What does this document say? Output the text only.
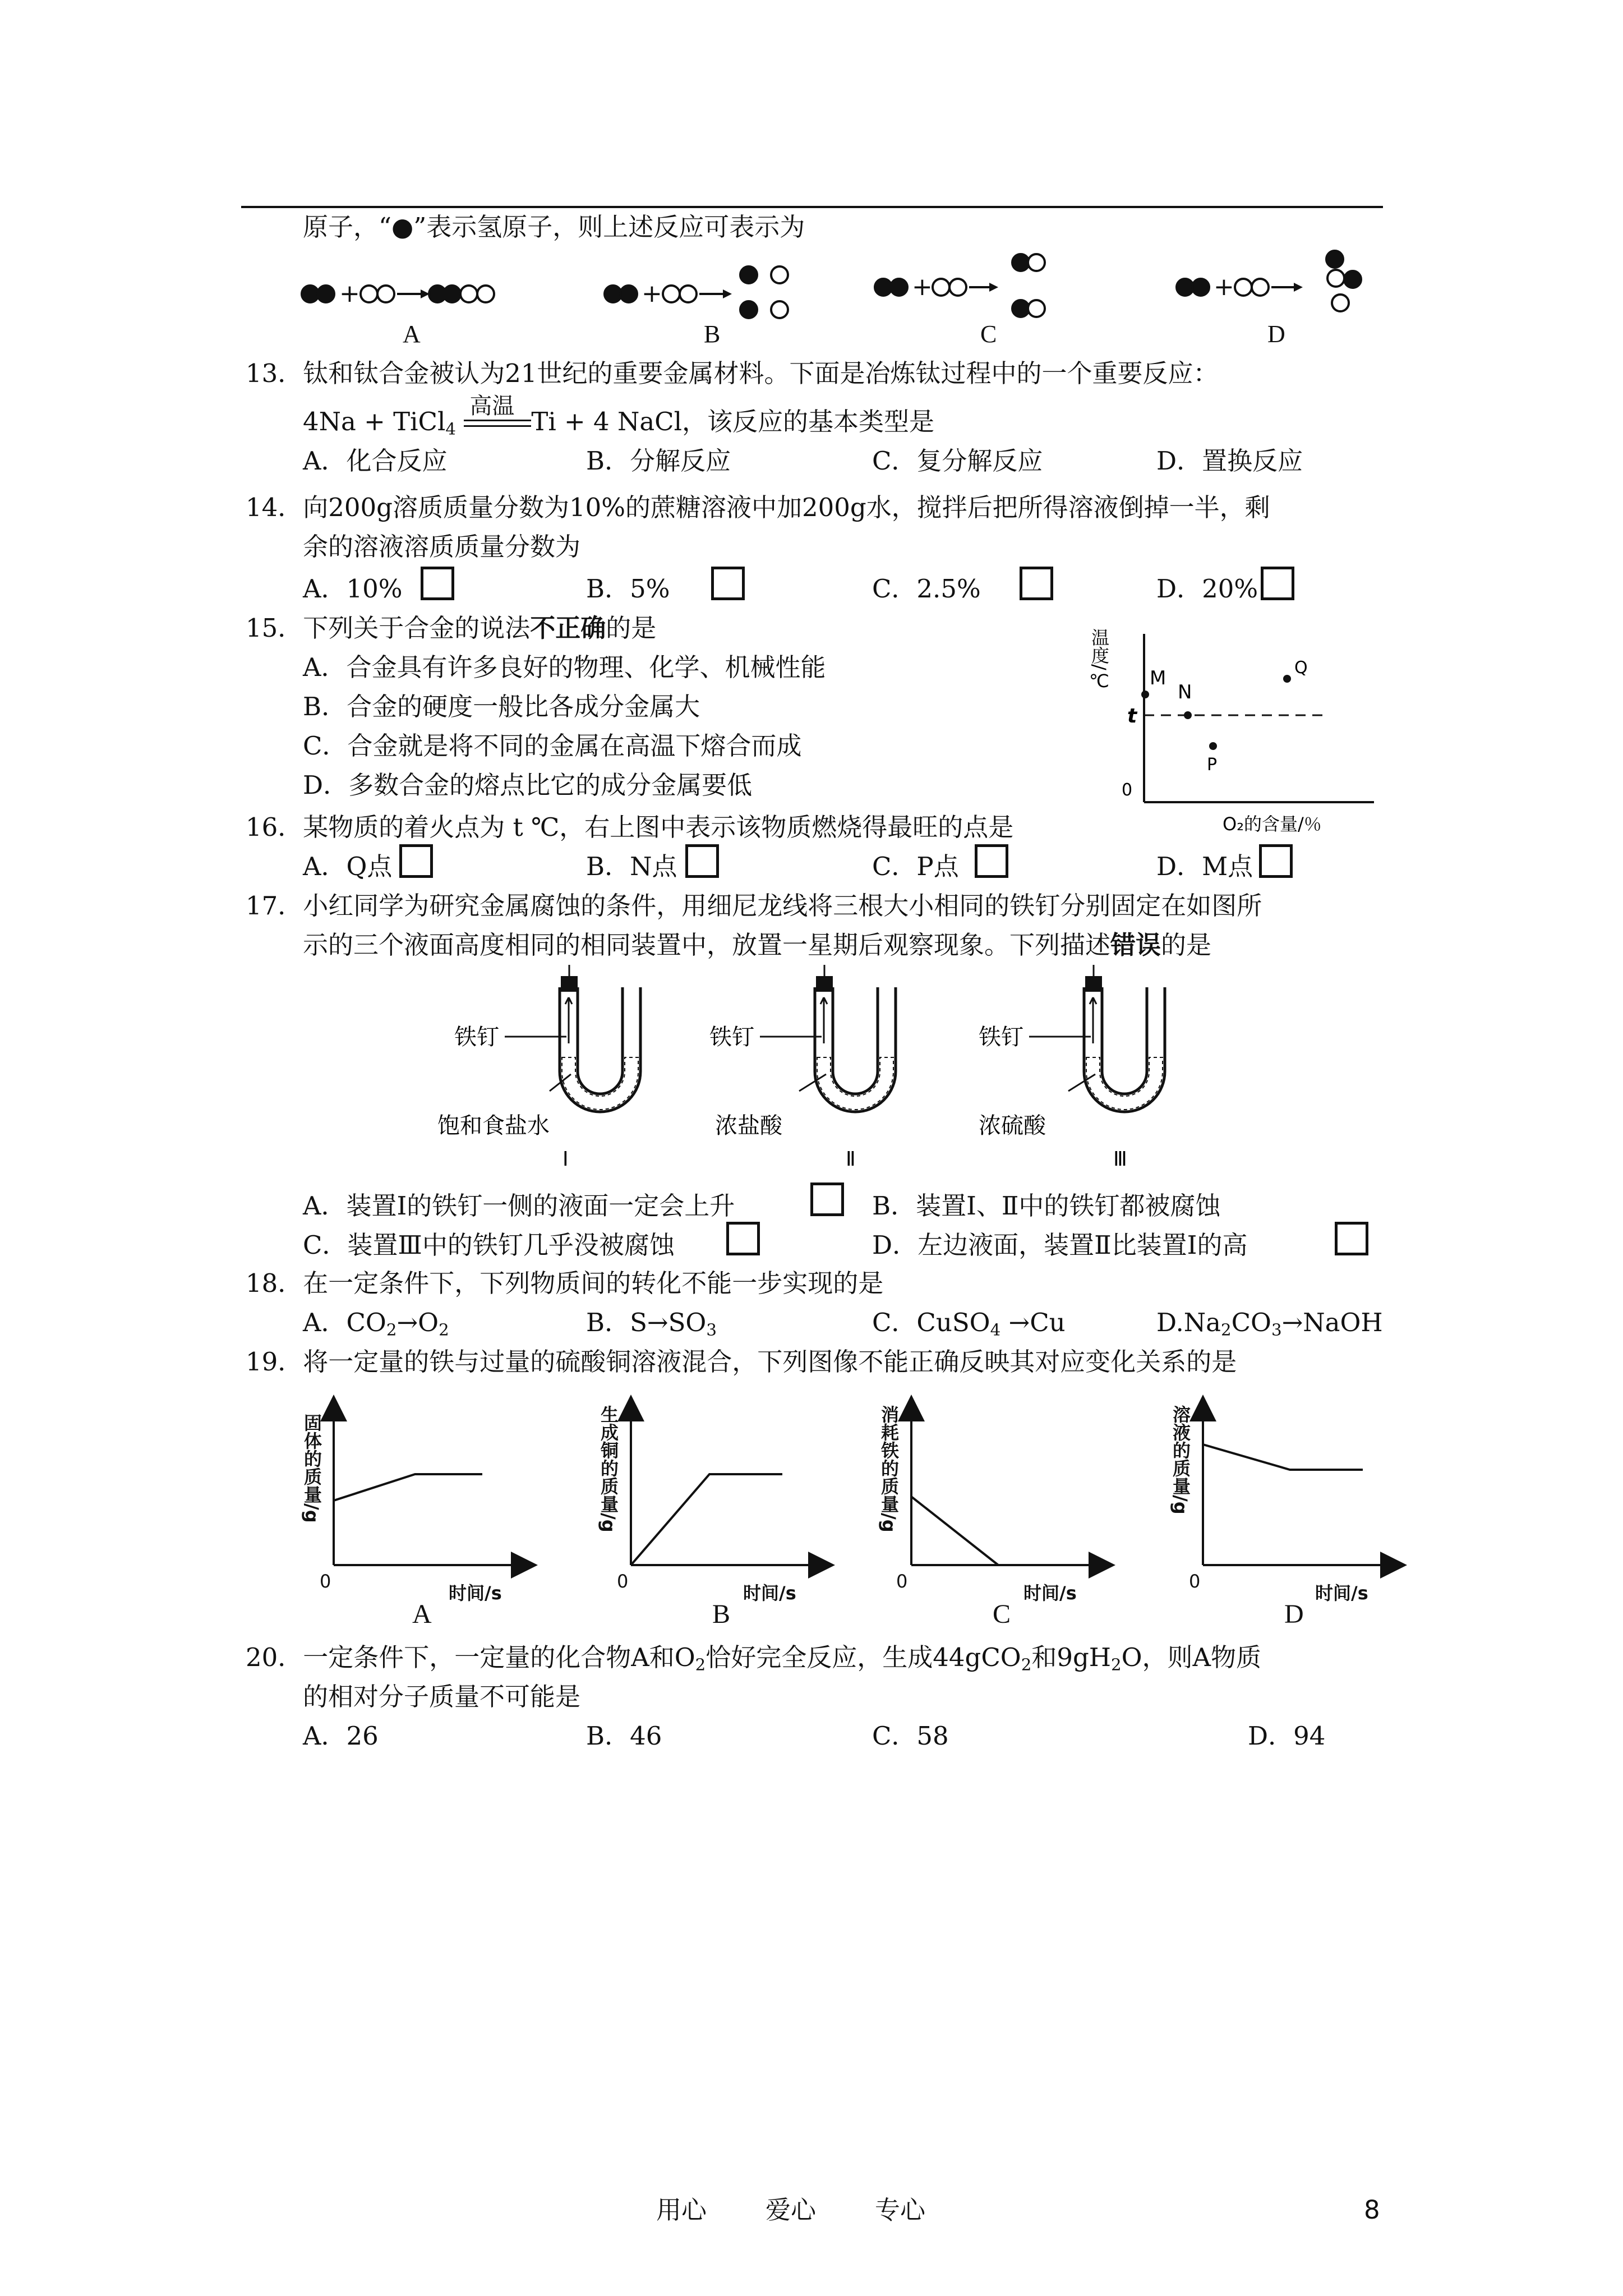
原子，“●”表示氢原子，则上述反应可表示为
+	+	+	+
A	B	C	D
13．钛和钛合金被认为21世纪的重要金属材料。下面是冶炼钛过程中的一个重要反应：
4Na + TiCl$_4$
高温
Ti + 4 NaCl，该反应的基本类型是
A．化合反应	B．分解反应	C．复分解反应	D．置换反应
14．向200g溶质质量分数为10%的蔗糖溶液中加200g水，搅拌后把所得溶液倒掉一半，剩
余的溶液溶质质量分数为
A．10%	B．5%	C．2.5%	D．20%
15．下列关于合金的说法不正确的是
A．合金具有许多良好的物理、化学、机械性能
B．合金的硬度一般比各成分金属大
C．合金就是将不同的金属在高温下熔合而成
D．多数合金的熔点比它的成分金属要低
M
N
Q
P
t
0
O₂的含量/％
温度/℃
16．某物质的着火点为 t ℃，右上图中表示该物质燃烧得最旺的点是
A．Q点	B．N点	C．P点	D．M点
17．小红同学为研究金属腐蚀的条件，用细尼龙线将三根大小相同的铁钉分别固定在如图所
示的三个液面高度相同的相同装置中，放置一星期后观察现象。下列描述错误的是
铁钉
饱和食盐水
Ⅰ
铁钉
浓盐酸
Ⅱ
铁钉
浓硫酸
Ⅲ
A．装置Ⅰ的铁钉一侧的液面一定会上升	B．装置Ⅰ、Ⅱ中的铁钉都被腐蚀
C．装置Ⅲ中的铁钉几乎没被腐蚀	D．左边液面，装置Ⅱ比装置Ⅰ的高
18．在一定条件下，下列物质间的转化不能一步实现的是
A．$CO_2\to O_2$	B．$S\to SO_3$	C．CuSO$_4$ →Cu	$D.Na_2CO_3\to NaOH$
19．将一定量的铁与过量的硫酸铜溶液混合，下列图像不能正确反映其对应变化关系的是
固体的质量/g
0
时间/s
A
生成铜的质量/g
0
时间/s
B
消耗铁的质量/g
0
时间/s
C
溶液的质量/g
0
时间/s
D
20．一定条件下，一定量的化合物A和$O_2$恰好完全反应，生成44gCO$_2$和$9gH_2O$，则A物质
的相对分子质量不可能是
A．26	B．46	C．58	D．94
用心 爱心 专心	8
